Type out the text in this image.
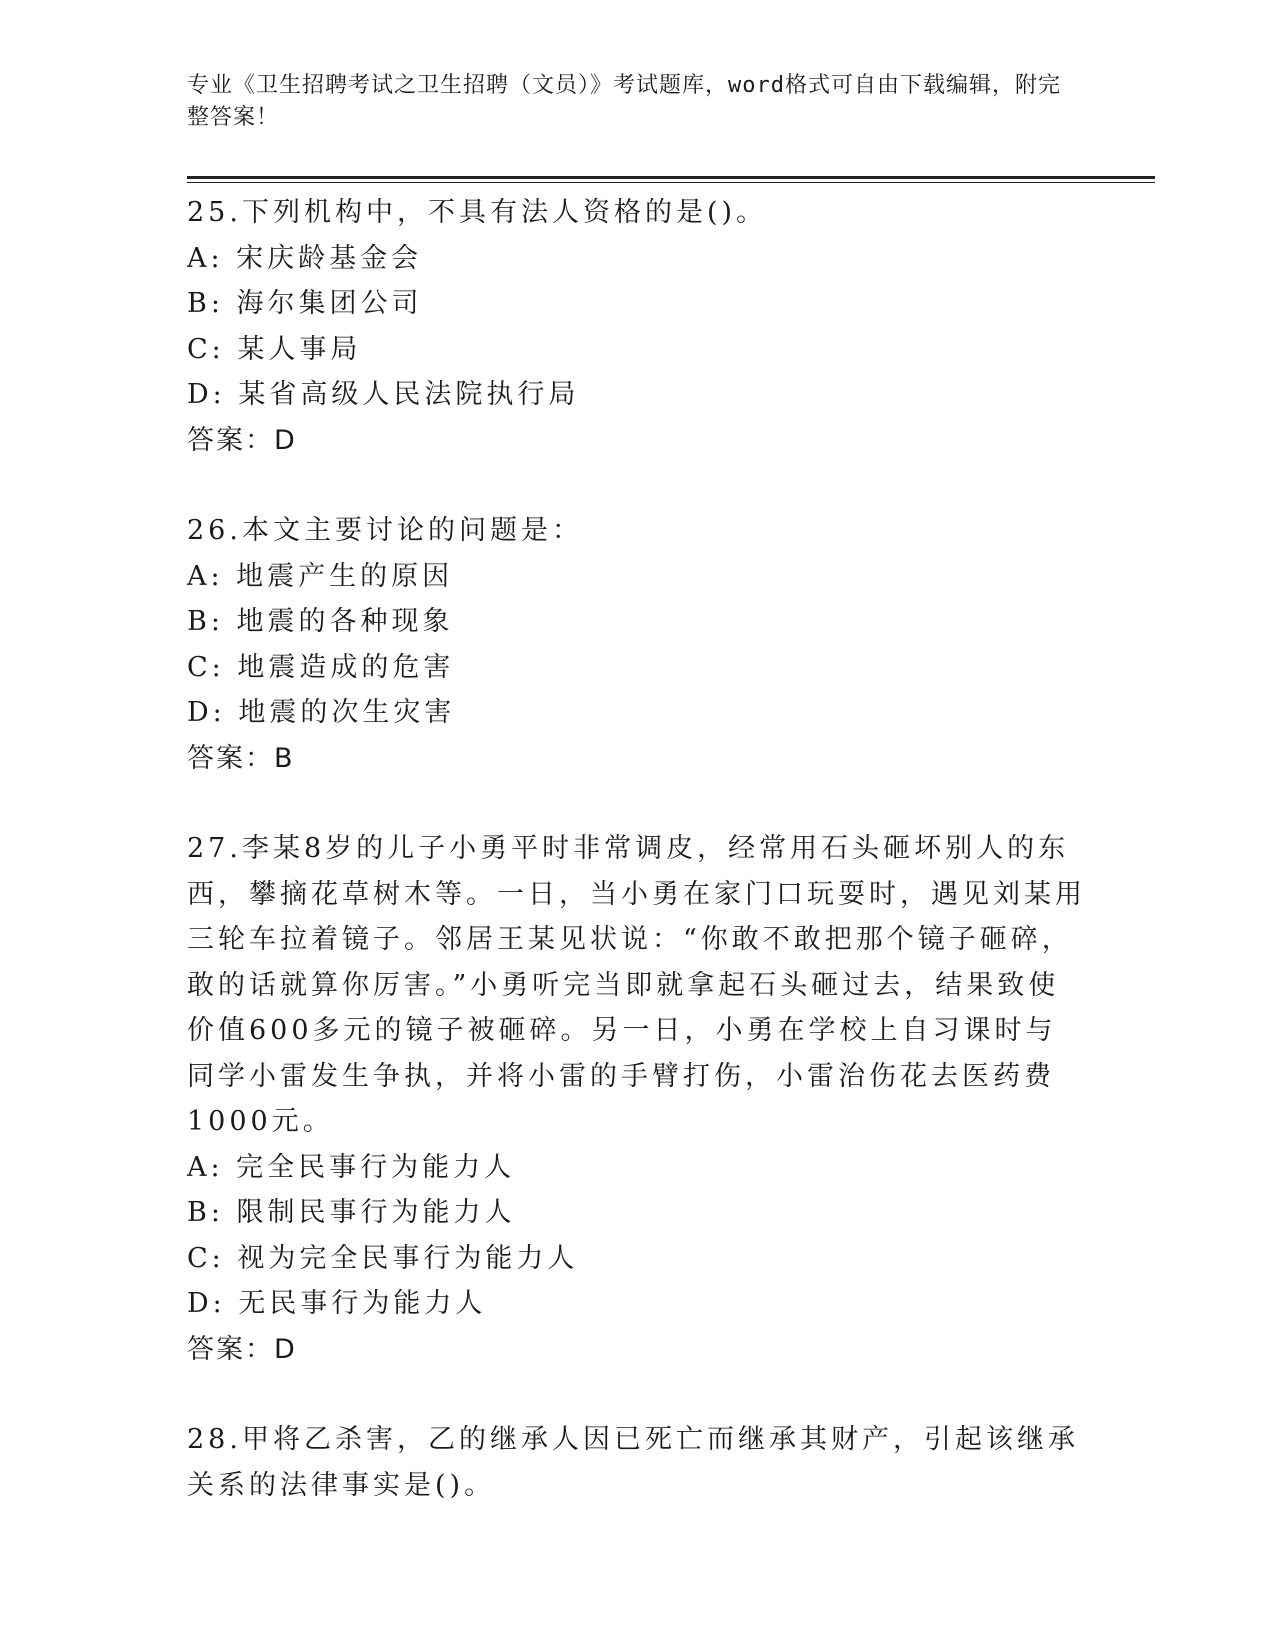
专业《卫生招聘考试之卫生招聘（文员）》考试题库，word格式可自由下载编辑，附完整答案！
25.下列机构中，不具有法人资格的是()。
A: 宋庆龄基金会
B: 海尔集团公司
C: 某人事局
D: 某省高级人民法院执行局
答案：D
26.本文主要讨论的问题是：
A: 地震产生的原因
B: 地震的各种现象
C: 地震造成的危害
D: 地震的次生灾害
答案：B
27.李某8岁的儿子小勇平时非常调皮，经常用石头砸坏别人的东西，攀摘花草树木等。一日，当小勇在家门口玩耍时，遇见刘某用三轮车拉着镜子。邻居王某见状说：“你敢不敢把那个镜子砸碎，敢的话就算你厉害。”小勇听完当即就拿起石头砸过去，结果致使价值600多元的镜子被砸碎。另一日，小勇在学校上自习课时与同学小雷发生争执，并将小雷的手臂打伤，小雷治伤花去医药费1000元。
A: 完全民事行为能力人
B: 限制民事行为能力人
C: 视为完全民事行为能力人
D: 无民事行为能力人
答案：D
28.甲将乙杀害，乙的继承人因已死亡而继承其财产，引起该继承关系的法律事实是()。
